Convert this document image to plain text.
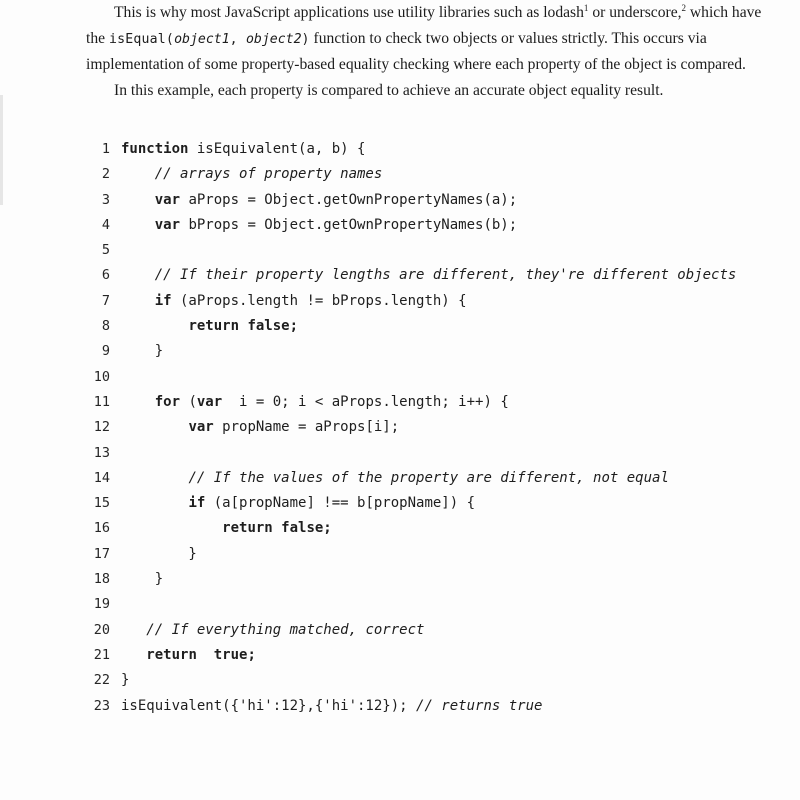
This is why most JavaScript applications use utility libraries such as lodash$^1$ or underscore,$^2$ which have the isEqual(object1, object2) function to check two objects or values strictly. This occurs via implementation of some property-based equality checking where each property of the object is compared.

In this example, each property is compared to achieve an accurate object equality result.

1 function isEquivalent(a, b) {
2	// arrays of property names
3	var aProps = Object.getOwnPropertyNames(a);
4	var bProps = Object.getOwnPropertyNames(b);
5
6	// If their property lengths are different, they're different objects
7	if (aProps.length != bProps.length) {
8	return false;
9 }
10
11	for (var  i = 0; i < aProps.length; i++) {
12	var propName = aProps[i];
13
14	// If the values of the property are different, not equal
15	if (a[propName] !== b[propName]) {
16	return false;
17 }
18 }
19
20	// If everything matched, correct
21	return  true;
22 }
23 isEquivalent({'hi':12},{'hi':12}); // returns true
